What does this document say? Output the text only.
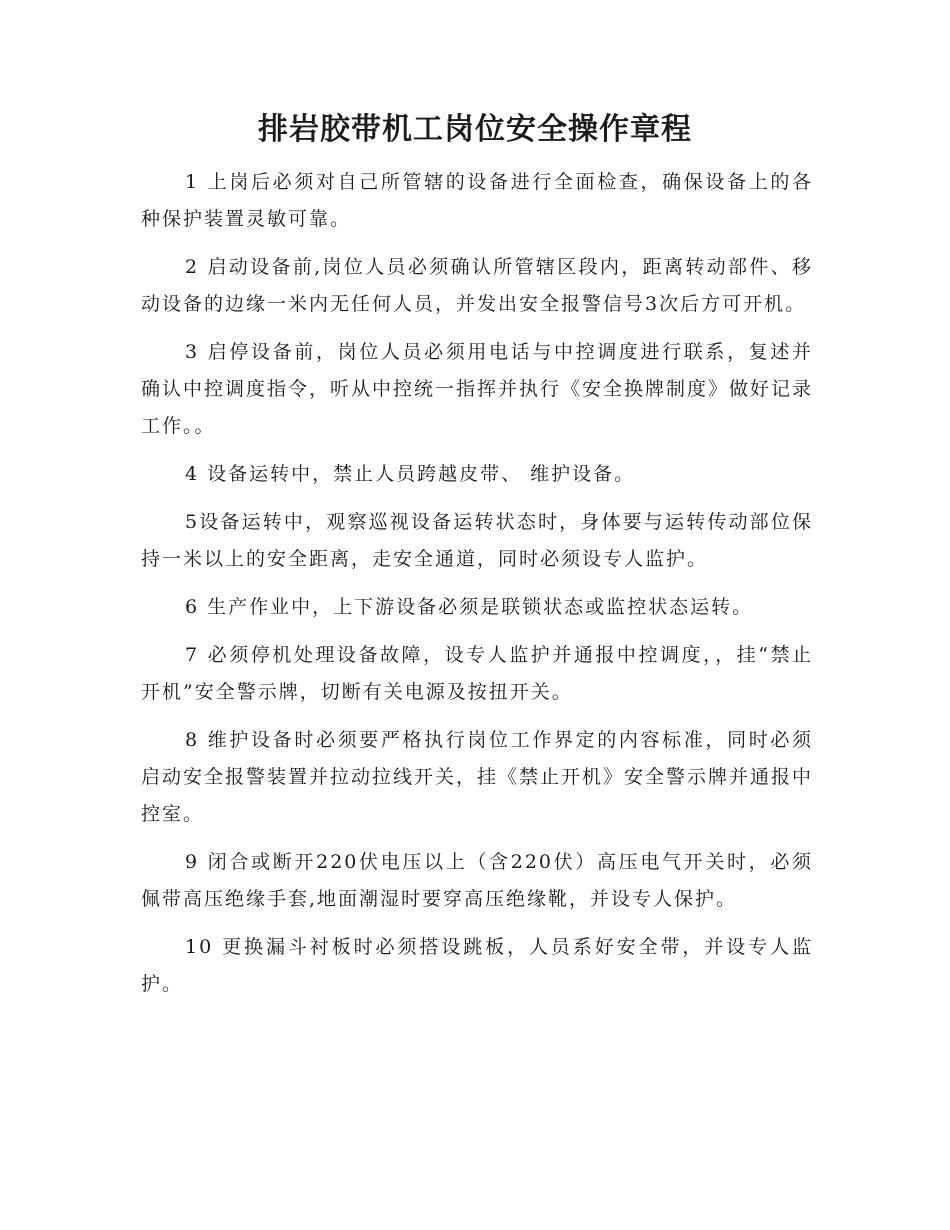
排岩胶带机工岗位安全操作章程

1 上岗后必须对自己所管辖的设备进行全面检查，确保设备上的各种保护装置灵敏可靠。

2 启动设备前,岗位人员必须确认所管辖区段内，距离转动部件、移动设备的边缘一米内无任何人员，并发出安全报警信号3次后方可开机。

3 启停设备前，岗位人员必须用电话与中控调度进行联系，复述并确认中控调度指令，听从中控统一指挥并执行《安全换牌制度》做好记录工作。。

4 设备运转中，禁止人员跨越皮带、 维护设备。

5设备运转中，观察巡视设备运转状态时，身体要与运转传动部位保持一米以上的安全距离，走安全通道，同时必须设专人监护。

6 生产作业中，上下游设备必须是联锁状态或监控状态运转。

7 必须停机处理设备故障，设专人监护并通报中控调度，，挂“禁止开机”安全警示牌，切断有关电源及按扭开关。

8 维护设备时必须要严格执行岗位工作界定的内容标准，同时必须启动安全报警装置并拉动拉线开关，挂《禁止开机》安全警示牌并通报中控室。

9 闭合或断开220伏电压以上（含220伏）高压电气开关时，必须佩带高压绝缘手套,地面潮湿时要穿高压绝缘靴，并设专人保护。

10 更换漏斗衬板时必须搭设跳板，人员系好安全带，并设专人监护。
